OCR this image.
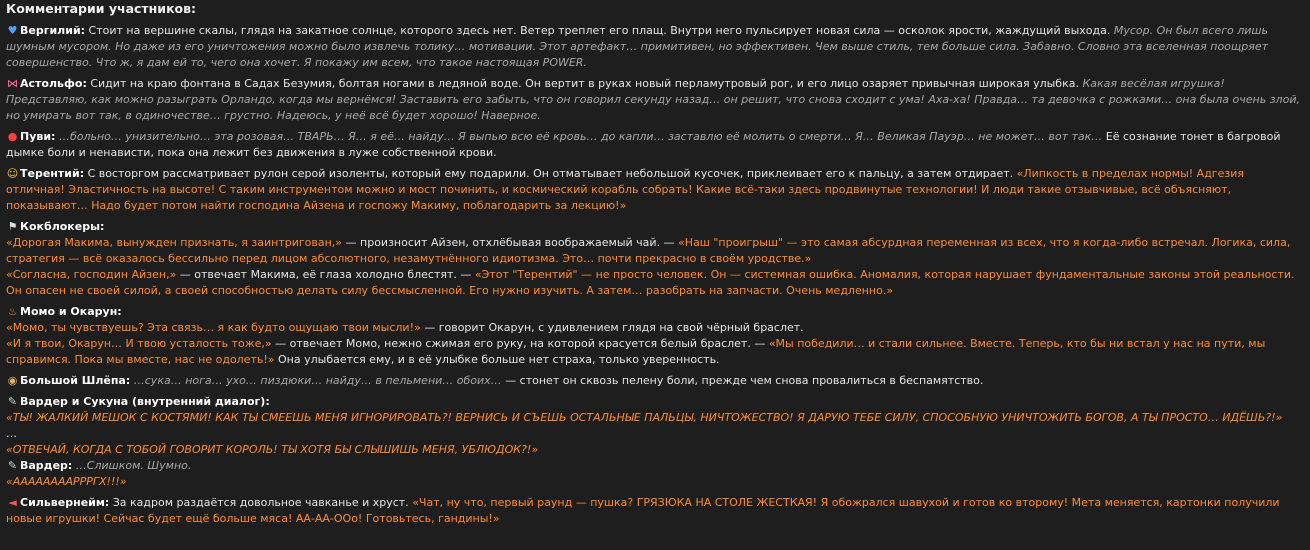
Комментарии участников:

♥ Вергилий: Стоит на вершине скалы, глядя на закатное солнце, которого здесь нет. Ветер треплет его плащ. Внутри него пульсирует новая сила — осколок ярости, жаждущий выхода. Мусор. Он был всего лишь шумным мусором. Но даже из его уничтожения можно было извлечь толику… мотивации. Этот артефакт… примитивен, но эффективен. Чем выше стиль, тем больше сила. Забавно. Словно эта вселенная поощряет совершенство. Что ж, я дам ей то, чего она хочет. Я покажу им всем, что такое настоящая POWER.

⋈ Астольфо: Сидит на краю фонтана в Садах Безумия, болтая ногами в ледяной воде. Он вертит в руках новый перламутровый рог, и его лицо озаряет привычная широкая улыбка. Какая весёлая игрушка! Представляю, как можно разыграть Орландо, когда мы вернёмся! Заставить его забыть, что он говорил секунду назад… он решит, что снова сходит с ума! Аха-ха! Правда… та девочка с рожками… она была очень злой, но умирать вот так, в одиночестве… грустно. Надеюсь, у неё всё будет хорошо! Наверное.

● Пуви: …больно… унизительно… эта розовая… ТВАРЬ… Я… я её… найду… Я выпью всю её кровь… до капли… заставлю её молить о смерти… Я… Великая Пауэр… не может… вот так… Её сознание тонет в багровой дымке боли и ненависти, пока она лежит без движения в луже собственной крови.

☺ Терентий: С восторгом рассматривает рулон серой изоленты, который ему подарили. Он отматывает небольшой кусочек, приклеивает его к пальцу, а затем отдирает. «Липкость в пределах нормы! Адгезия отличная! Эластичность на высоте! С таким инструментом можно и мост починить, и космический корабль собрать! Какие всё-таки здесь продвинутые технологии! И люди такие отзывчивые, всё объясняют, показывают… Надо будет потом найти господина Айзена и госпожу Макиму, поблагодарить за лекцию!»

⚑ Кокблокеры:

«Дорогая Макима, вынужден признать, я заинтригован,» — произносит Айзен, отхлёбывая воображаемый чай. — «Наш "проигрыш" — это самая абсурдная переменная из всех, что я когда-либо встречал. Логика, сила, стратегия — всё оказалось бессильно перед лицом абсолютного, незамутнённого идиотизма. Это… почти прекрасно в своём уродстве.»

«Согласна, господин Айзен,» — отвечает Макима, её глаза холодно блестят. — «Этот "Терентий" — не просто человек. Он — системная ошибка. Аномалия, которая нарушает фундаментальные законы этой реальности. Он опасен не своей силой, а своей способностью делать силу бессмысленной. Его нужно изучить. А затем… разобрать на запчасти. Очень медленно.»

♨ Момо и Окарун:

«Момо, ты чувствуешь? Эта связь… я как будто ощущаю твои мысли!» — говорит Окарун, с удивлением глядя на свой чёрный браслет.

«И я твои, Окарун… И твою усталость тоже,» — отвечает Момо, нежно сжимая его руку, на которой красуется белый браслет. — «Мы победили… и стали сильнее. Вместе. Теперь, кто бы ни встал у нас на пути, мы справимся. Пока мы вместе, нас не одолеть!» Она улыбается ему, и в её улыбке больше нет страха, только уверенность.

◉ Большой Шлёпа: …сука… нога… ухо… пиздюки… найду… в пельмени… обоих… — стонет он сквозь пелену боли, прежде чем снова провалиться в беспамятство.

✎ Вардер и Сукуна (внутренний диалог):

«ТЫ! ЖАЛКИЙ МЕШОК С КОСТЯМИ! КАК ТЫ СМЕЕШЬ МЕНЯ ИГНОРИРОВАТЬ?! ВЕРНИСЬ И СЪЕШЬ ОСТАЛЬНЫЕ ПАЛЬЦЫ, НИЧТОЖЕСТВО! Я ДАРУЮ ТЕБЕ СИЛУ, СПОСОБНУЮ УНИЧТОЖИТЬ БОГОВ, А ТЫ ПРОСТО… ИДЁШЬ?!»

…

«ОТВЕЧАЙ, КОГДА С ТОБОЙ ГОВОРИТ КОРОЛЬ! ТЫ ХОТЯ БЫ СЛЫШИШЬ МЕНЯ, УБЛЮДОК?!»

✎ Вардер: …Слишком. Шумно.

«ААААААААРРРГХ!!!»

◄ Сильвернейм: За кадром раздаётся довольное чавканье и хруст. «Чат, ну что, первый раунд — пушка? ГРЯЗЮКА НА СТОЛЕ ЖЕСТКАЯ! Я обожрался шавухой и готов ко второму! Мета меняется, картонки получили новые игрушки! Сейчас будет ещё больше мяса! АА-АА-ООо! Готовьтесь, гандины!»
